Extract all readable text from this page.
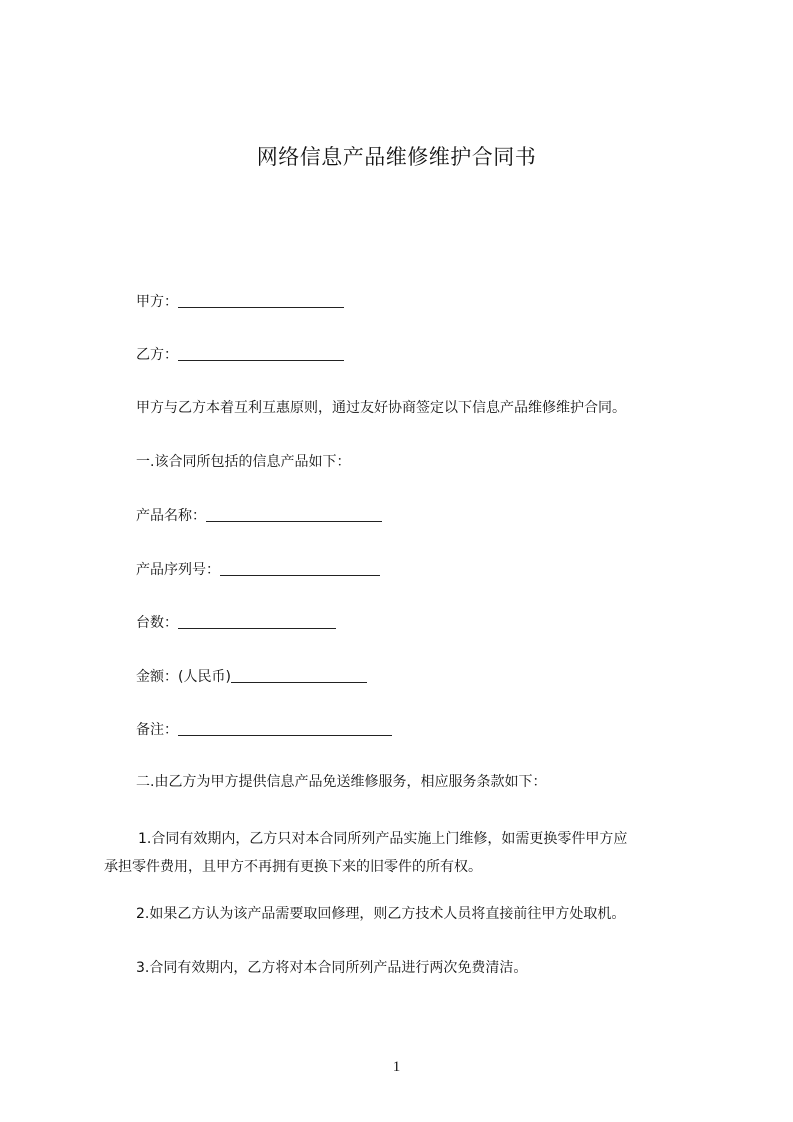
网络信息产品维修维护合同书
甲方：
乙方：
甲方与乙方本着互利互惠原则，通过友好协商签定以下信息产品维修维护合同。
一.该合同所包括的信息产品如下：
产品名称：
产品序列号：
台数：
金额：(人民币)
备注：
二.由乙方为甲方提供信息产品免送维修服务，相应服务条款如下：
1.合同有效期内，乙方只对本合同所列产品实施上门维修，如需更换零件甲方应
承担零件费用，且甲方不再拥有更换下来的旧零件的所有权。
2.如果乙方认为该产品需要取回修理，则乙方技术人员将直接前往甲方处取机。
3.合同有效期内，乙方将对本合同所列产品进行两次免费清洁。
1
